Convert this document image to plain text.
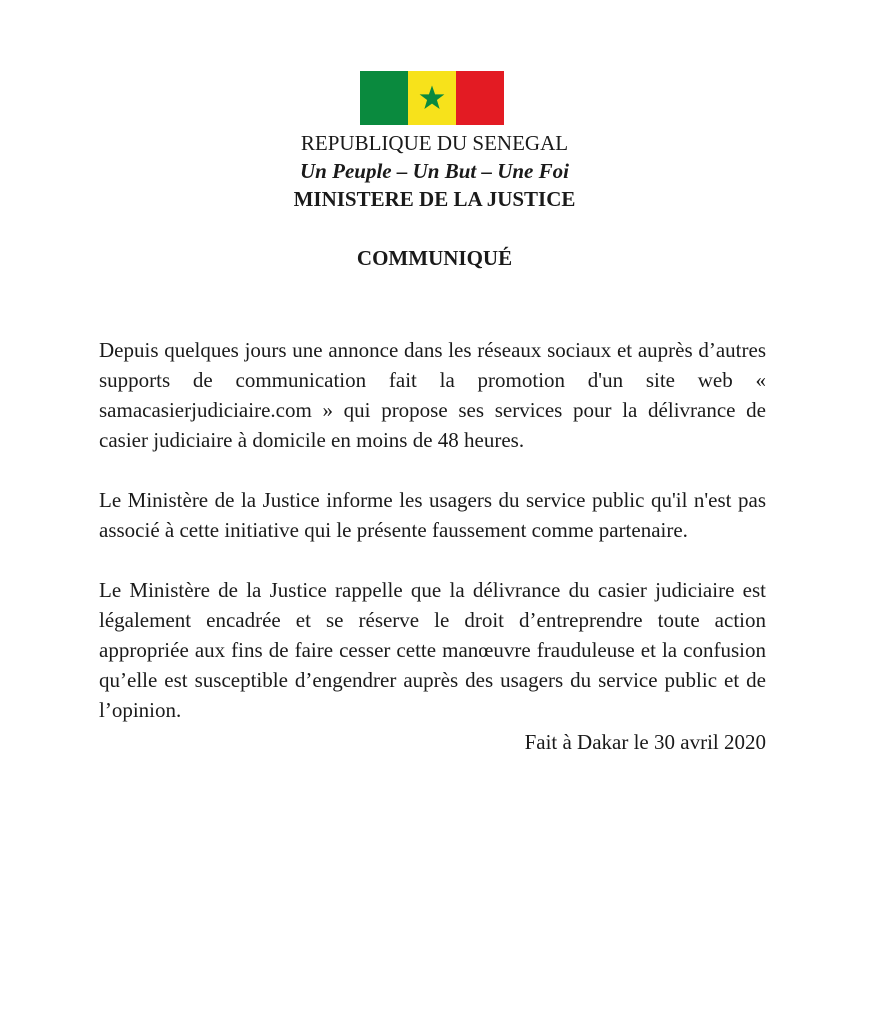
REPUBLIQUE DU SENEGAL
Un Peuple – Un But – Une Foi
MINISTERE DE LA JUSTICE
COMMUNIQUÉ

Depuis quelques jours une annonce dans les réseaux sociaux et auprès d’autres supports de communication fait la promotion d'un site web « samacasierjudiciaire.com » qui propose ses services pour la délivrance de casier judiciaire à domicile en moins de 48 heures.

Le Ministère de la Justice informe les usagers du service public qu'il n'est pas associé à cette initiative qui le présente faussement comme partenaire.

Le Ministère de la Justice rappelle que la délivrance du casier judiciaire est légalement encadrée et se réserve le droit d’entreprendre toute action appropriée aux fins de faire cesser cette manœuvre frauduleuse et la confusion qu’elle est susceptible d’engendrer auprès des usagers du service public et de l’opinion.

Fait à Dakar le 30 avril 2020
